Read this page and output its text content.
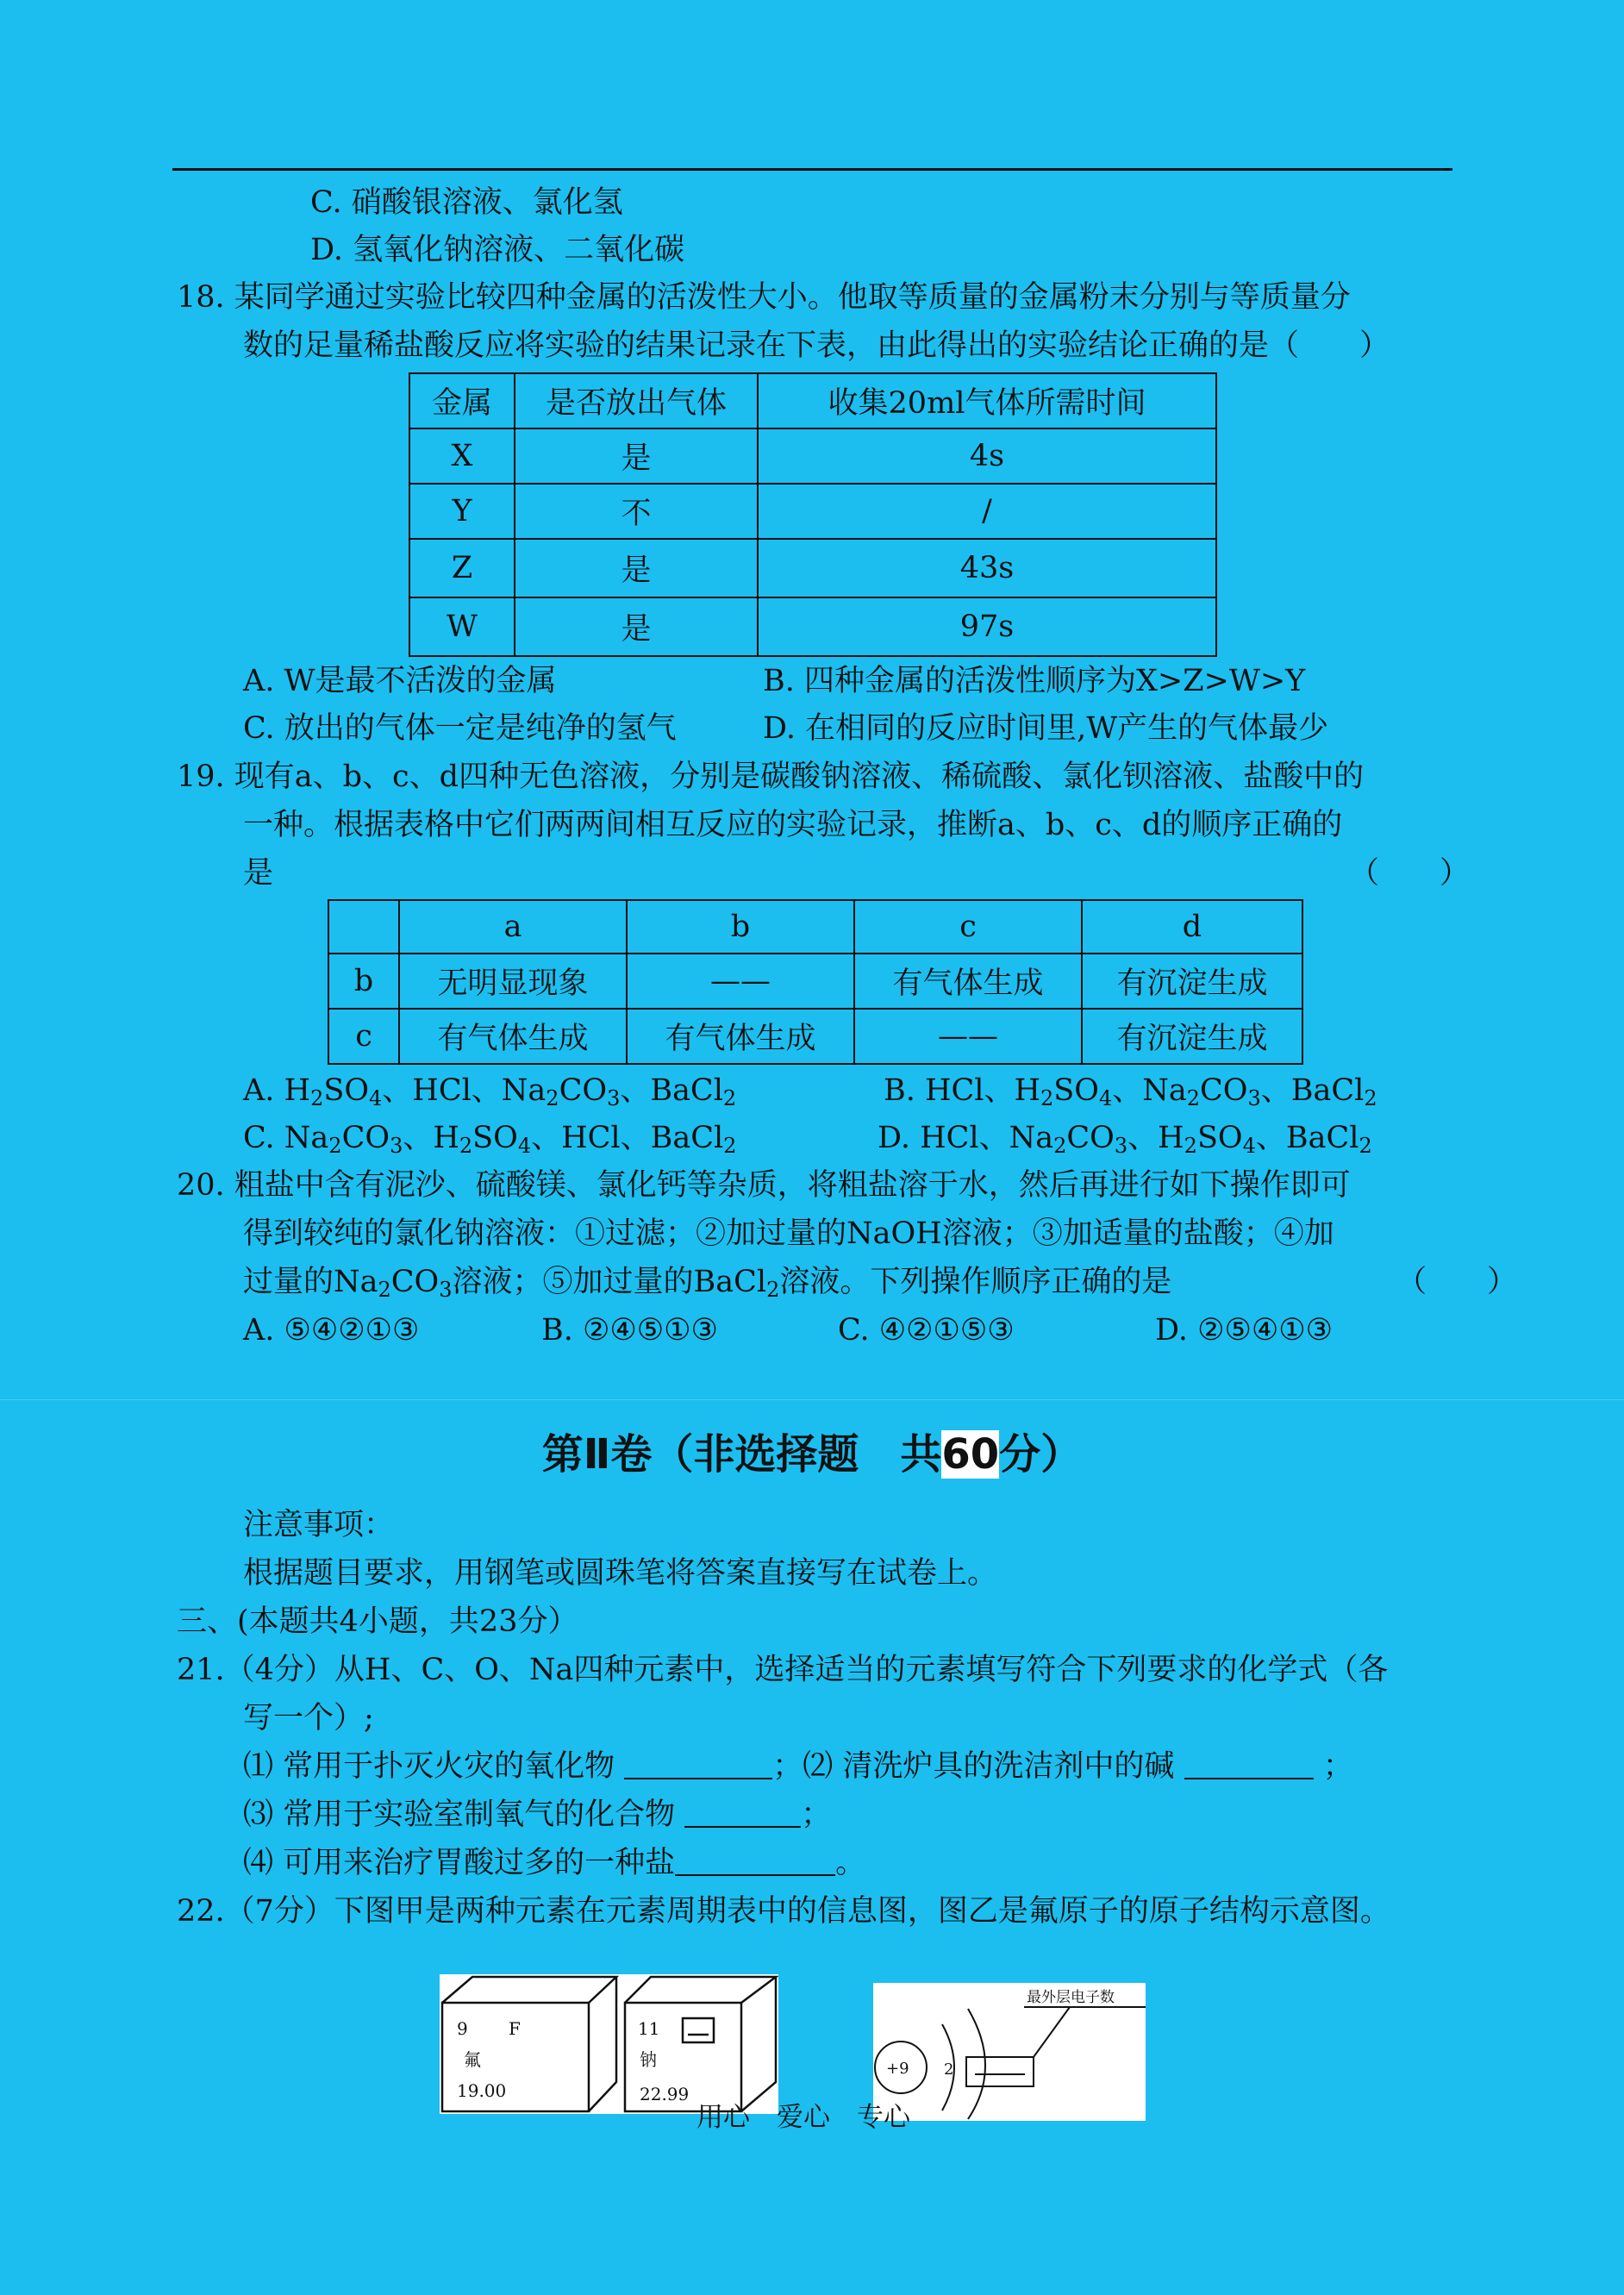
C. 硝酸银溶液、氯化氢
D. 氢氧化钠溶液、二氧化碳
18. 某同学通过实验比较四种金属的活泼性大小。他取等质量的金属粉末分别与等质量分
数的足量稀盐酸反应将实验的结果记录在下表，由此得出的实验结论正确的是（　　）
金属	是否放出气体	收集20ml气体所需时间
X	是	4s
Y	不	/
Z	是	43s
W	是	97s
A. W是最不活泼的金属	B. 四种金属的活泼性顺序为X>Z>W>Y
C. 放出的气体一定是纯净的氢气	D. 在相同的反应时间里,W产生的气体最少
19. 现有a、b、c、d四种无色溶液，分别是碳酸钠溶液、稀硫酸、氯化钡溶液、盐酸中的
一种。根据表格中它们两两间相互反应的实验记录，推断a、b、c、d的顺序正确的
是	（　　）
	a	b	c	d
b	无明显现象	——	有气体生成	有沉淀生成
c	有气体生成	有气体生成	——	有沉淀生成
A. $H_2SO_4$、HCl、$Na_2CO_3$、BaCl$_2$	B. HCl、$H_2SO_4$、$Na_2CO_3$、BaCl$_2$
C. $Na_2CO_3$、$H_2SO_4$、HCl、BaCl$_2$	D. HCl、$Na_2CO_3$、$H_2SO_4$、BaCl$_2$
20. 粗盐中含有泥沙、硫酸镁、氯化钙等杂质，将粗盐溶于水，然后再进行如下操作即可
得到较纯的氯化钠溶液：①过滤；②加过量的NaOH溶液；③加适量的盐酸；④加
过量的$Na_2CO_3$溶液；⑤加过量的BaCl$_2$溶液。下列操作顺序正确的是	（　　）
A. ⑤④②①③	B. ②④⑤①③	C. ④②①⑤③	D. ②⑤④①③
第Ⅱ卷（非选择题　共60分）
注意事项：
根据题目要求，用钢笔或圆珠笔将答案直接写在试卷上。
三、(本题共4小题，共23分）
21.（4分）从H、C、O、Na四种元素中，选择适当的元素填写符合下列要求的化学式（各
写一个）;
⑴ 常用于扑灭火灾的氧化物	；⑵ 清洗炉具的洗洁剂中的碱	；
⑶ 常用于实验室制氧气的化合物	；
⑷ 可用来治疗胃酸过多的一种盐	。
22.（7分）下图甲是两种元素在元素周期表中的信息图，图乙是氟原子的原子结构示意图。
9 F
氟
19.00
11
钠
22.99
+9 2
最外层电子数
用心　爱心　专心
